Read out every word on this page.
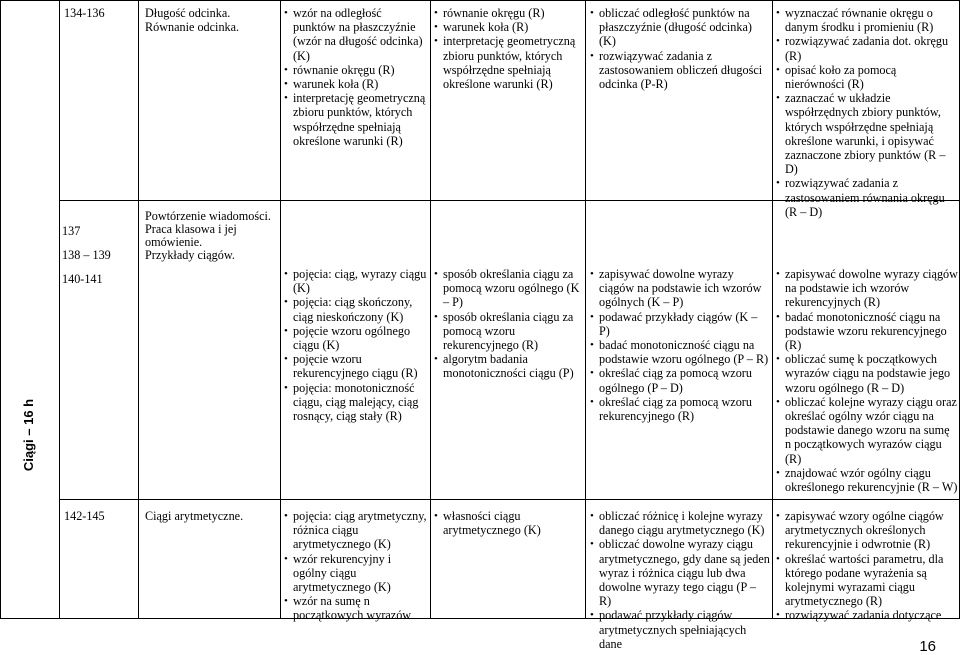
134-136	Długość odcinka. Równanie odcinka.
• wzór na odległość punktów na płaszczyźnie (wzór na długość odcinka) (K)
• równanie okręgu (R)
• warunek koła (R)
• interpretację geometryczną zbioru punktów, których współrzędne spełniają określone warunki (R)
• równanie okręgu (R)
• warunek koła (R)
• interpretację geometryczną zbioru punktów, których współrzędne spełniają określone warunki (R)
• obliczać odległość punktów na płaszczyźnie (długość odcinka) (K)
• rozwiązywać zadania z zastosowaniem obliczeń długości odcinka (P-R)
• wyznaczać równanie okręgu o danym środku i promieniu (R)
• rozwiązywać zadania dot. okręgu (R)
• opisać koło za pomocą nierówności (R)
• zaznaczać w układzie współrzędnych zbiory punktów, których współrzędne spełniają określone warunki, i opisywać zaznaczone zbiory punktów (R – D)
• rozwiązywać zadania z zastosowaniem równania okręgu (R – D)
Ciągi – 16 h
137
138 – 139
140-141
Powtórzenie wiadomości.
Praca klasowa i jej omówienie.
Przykłady ciągów.
• pojęcia: ciąg, wyrazy ciągu (K)
• pojęcia: ciąg skończony, ciąg nieskończony (K)
• pojęcie wzoru ogólnego ciągu (K)
• pojęcie wzoru rekurencyjnego ciągu (R)
• pojęcia: monotoniczność ciągu, ciąg malejący, ciąg rosnący, ciąg stały (R)
• sposób określania ciągu za pomocą wzoru ogólnego (K – P)
• sposób określania ciągu za pomocą wzoru rekurencyjnego (R)
• algorytm badania monotoniczności ciągu (P)
• zapisywać dowolne wyrazy ciągów na podstawie ich wzorów ogólnych (K – P)
• podawać przykłady ciągów (K – P)
• badać monotoniczność ciągu na podstawie wzoru ogólnego (P – R)
• określać ciąg za pomocą wzoru ogólnego (P – D)
• określać ciąg za pomocą wzoru rekurencyjnego (R)
• zapisywać dowolne wyrazy ciągów na podstawie ich wzorów rekurencyjnych (R)
• badać monotoniczność ciągu na podstawie wzoru rekurencyjnego (R)
• obliczać sumę k początkowych wyrazów ciągu na podstawie jego wzoru ogólnego (R – D)
• obliczać kolejne wyrazy ciągu oraz określać ogólny wzór ciągu na podstawie danego wzoru na sumę n początkowych wyrazów ciągu (R)
• znajdować wzór ogólny ciągu określonego rekurencyjnie (R – W)
142-145	Ciągi arytmetyczne.
•	pojęcia: ciąg arytmetyczny, różnica ciągu arytmetycznego (K)
• wzór rekurencyjny i ogólny ciągu arytmetycznego (K)
• wzór na sumę n początkowych wyrazów
• własności ciągu arytmetycznego (K)
• obliczać różnicę i kolejne wyrazy danego ciągu arytmetycznego (K)
• obliczać dowolne wyrazy ciągu arytmetycznego, gdy dane są jeden wyraz i różnica ciągu lub dwa dowolne wyrazy tego ciągu (P – R)
• podawać przykłady ciągów arytmetycznych spełniających dane
• zapisywać wzory ogólne ciągów arytmetycznych określonych rekurencyjnie i odwrotnie (R)
• określać wartości parametru, dla którego podane wyrażenia są kolejnymi wyrazami ciągu arytmetycznego (R)
• rozwiązywać zadania dotyczące
16
